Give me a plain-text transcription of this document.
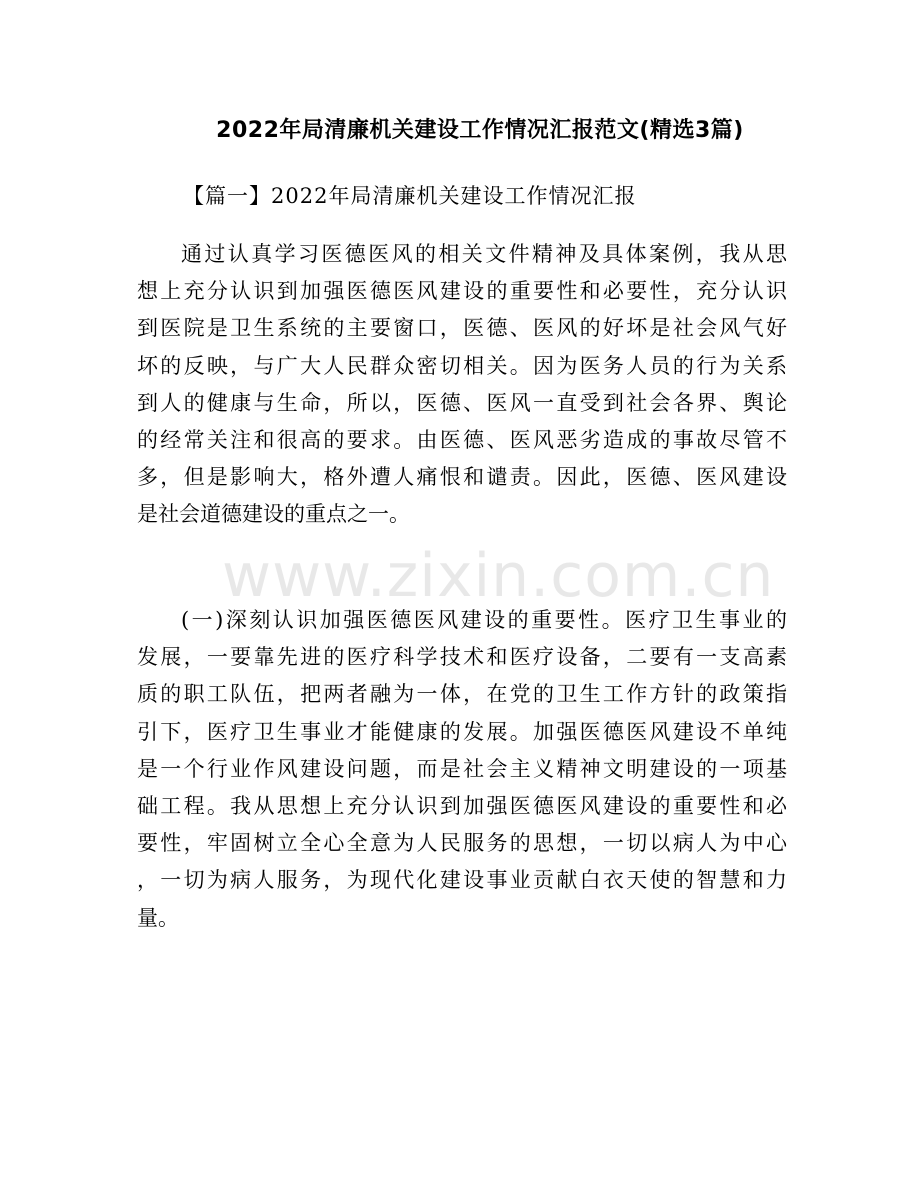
2022年局清廉机关建设工作情况汇报范文(精选3篇)
【篇一】2022年局清廉机关建设工作情况汇报
通过认真学习医德医风的相关文件精神及具体案例，我从思
想上充分认识到加强医德医风建设的重要性和必要性，充分认识
到医院是卫生系统的主要窗口，医德、医风的好坏是社会风气好
坏的反映，与广大人民群众密切相关。因为医务人员的行为关系
到人的健康与生命，所以，医德、医风一直受到社会各界、舆论
的经常关注和很高的要求。由医德、医风恶劣造成的事故尽管不
多，但是影响大，格外遭人痛恨和谴责。因此，医德、医风建设
是社会道德建设的重点之一。
(一)深刻认识加强医德医风建设的重要性。医疗卫生事业的
发展，一要靠先进的医疗科学技术和医疗设备，二要有一支高素
质的职工队伍，把两者融为一体，在党的卫生工作方针的政策指
引下，医疗卫生事业才能健康的发展。加强医德医风建设不单纯
是一个行业作风建设问题，而是社会主义精神文明建设的一项基
础工程。我从思想上充分认识到加强医德医风建设的重要性和必
要性，牢固树立全心全意为人民服务的思想，一切以病人为中心
，一切为病人服务，为现代化建设事业贡献白衣天使的智慧和力
量。
www.zixin.com.cn
